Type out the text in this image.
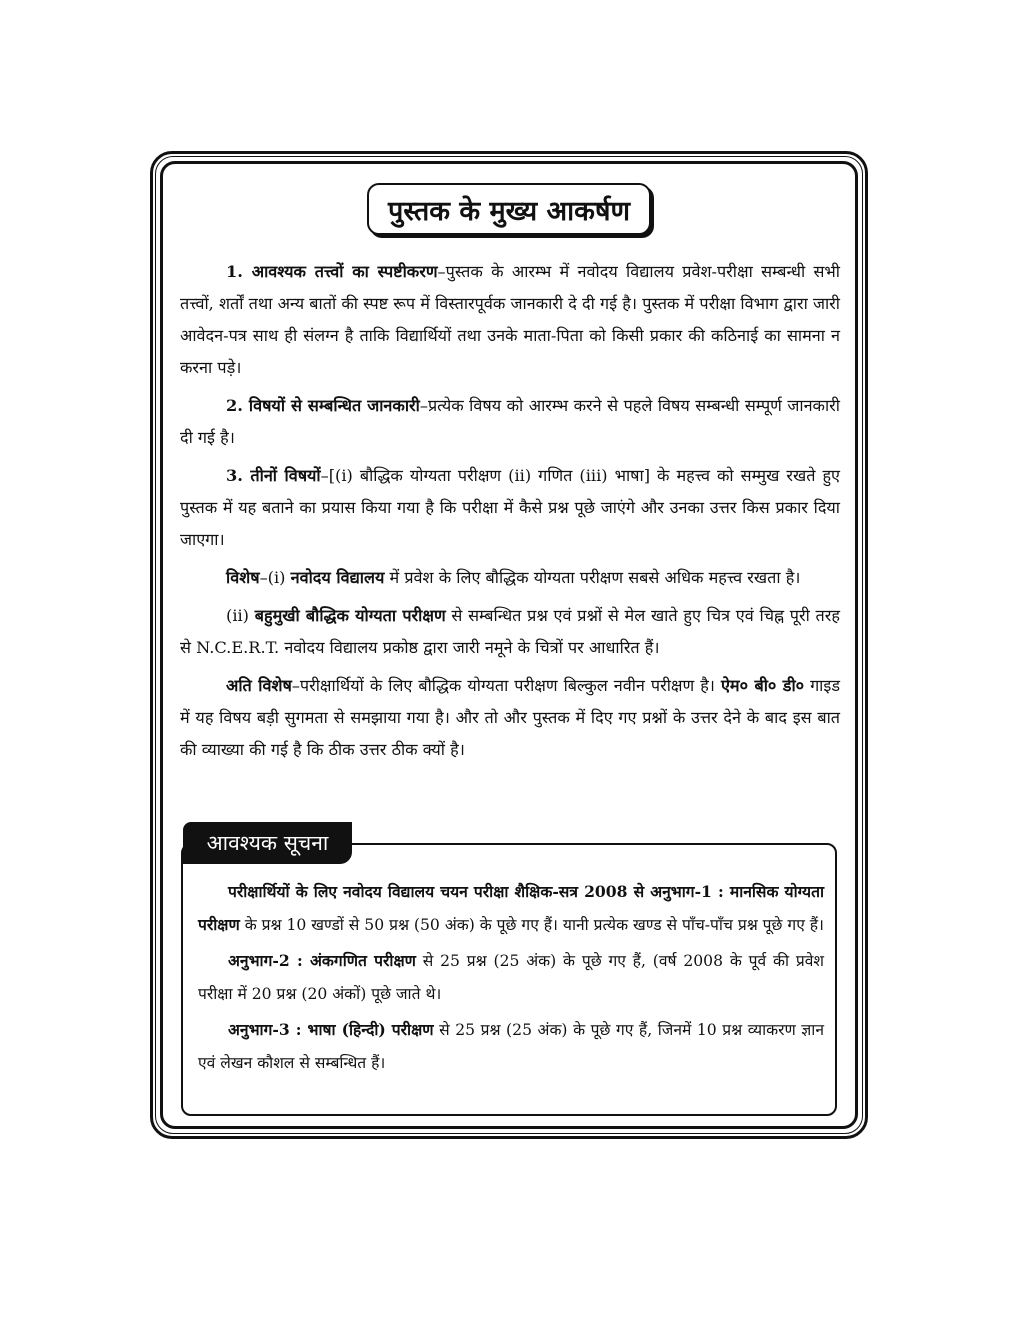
पुस्तक के मुख्य आकर्षण

1. आवश्यक तत्त्वों का स्पष्टीकरण–पुस्तक के आरम्भ में नवोदय विद्यालय प्रवेश-परीक्षा सम्बन्धी सभी तत्त्वों, शर्तों तथा अन्य बातों की स्पष्ट रूप में विस्तारपूर्वक जानकारी दे दी गई है। पुस्तक में परीक्षा विभाग द्वारा जारी आवेदन-पत्र साथ ही संलग्न है ताकि विद्यार्थियों तथा उनके माता-पिता को किसी प्रकार की कठिनाई का सामना न करना पड़े।

2. विषयों से सम्बन्धित जानकारी–प्रत्येक विषय को आरम्भ करने से पहले विषय सम्बन्धी सम्पूर्ण जानकारी दी गई है।

3. तीनों विषयों–[(i) बौद्धिक योग्यता परीक्षण (ii) गणित (iii) भाषा] के महत्त्व को सम्मुख रखते हुए पुस्तक में यह बताने का प्रयास किया गया है कि परीक्षा में कैसे प्रश्न पूछे जाएंगे और उनका उत्तर किस प्रकार दिया जाएगा।

विशेष–(i) नवोदय विद्यालय में प्रवेश के लिए बौद्धिक योग्यता परीक्षण सबसे अधिक महत्त्व रखता है।

(ii) बहुमुखी बौद्धिक योग्यता परीक्षण से सम्बन्धित प्रश्न एवं प्रश्नों से मेल खाते हुए चित्र एवं चिह्न पूरी तरह से N.C.E.R.T. नवोदय विद्यालय प्रकोष्ठ द्वारा जारी नमूने के चित्रों पर आधारित हैं।

अति विशेष–परीक्षार्थियों के लिए बौद्धिक योग्यता परीक्षण बिल्कुल नवीन परीक्षण है। ऐम० बी० डी० गाइड में यह विषय बड़ी सुगमता से समझाया गया है। और तो और पुस्तक में दिए गए प्रश्नों के उत्तर देने के बाद इस बात की व्याख्या की गई है कि ठीक उत्तर ठीक क्यों है।

आवश्यक सूचना

परीक्षार्थियों के लिए नवोदय विद्यालय चयन परीक्षा शैक्षिक-सत्र 2008 से अनुभाग-1 : मानसिक योग्यता परीक्षण के प्रश्न 10 खण्डों से 50 प्रश्न (50 अंक) के पूछे गए हैं। यानी प्रत्येक खण्ड से पाँच-पाँच प्रश्न पूछे गए हैं।

अनुभाग-2 : अंकगणित परीक्षण से 25 प्रश्न (25 अंक) के पूछे गए हैं, (वर्ष 2008 के पूर्व की प्रवेश परीक्षा में 20 प्रश्न (20 अंकों) पूछे जाते थे।

अनुभाग-3 : भाषा (हिन्दी) परीक्षण से 25 प्रश्न (25 अंक) के पूछे गए हैं, जिनमें 10 प्रश्न व्याकरण ज्ञान एवं लेखन कौशल से सम्बन्धित हैं।
